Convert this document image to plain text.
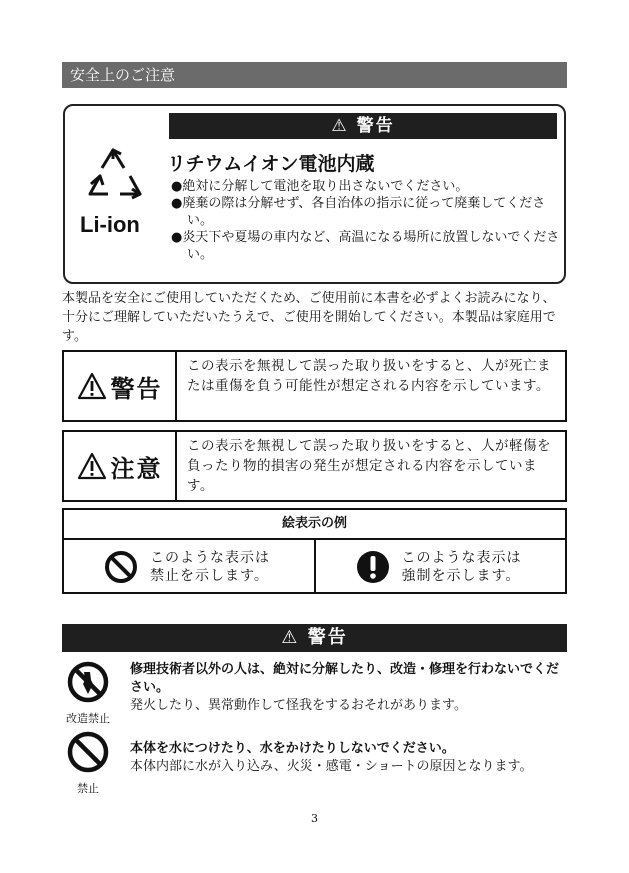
安全上のご注意
⚠ 警告
Li-ion
リチウムイオン電池内蔵

●絶対に分解して電池を取り出さないでください。

●廃棄の際は分解せず、各自治体の指示に従って廃棄してください。

●炎天下や夏場の車内など、高温になる場所に放置しないでください。

本製品を安全にご使用していただくため、ご使用前に本書を必ずよくお読みになり、十分にご理解していただいたうえで、ご使用を開始してください。本製品は家庭用です。

警告
この表示を無視して誤った取り扱いをすると、人が死亡または重傷を負う可能性が想定される内容を示しています。
注意
この表示を無視して誤った取り扱いをすると、人が軽傷を負ったり物的損害の発生が想定される内容を示しています。
絵表示の例
このような表示は
禁止を示します。
このような表示は
強制を示します。
⚠ 警告
改造禁止
修理技術者以外の人は、絶対に分解したり、改造・修理を行わないでください。
発火したり、異常動作して怪我をするおそれがあります。
禁止
本体を水につけたり、水をかけたりしないでください。
本体内部に水が入り込み、火災・感電・ショートの原因となります。
3
